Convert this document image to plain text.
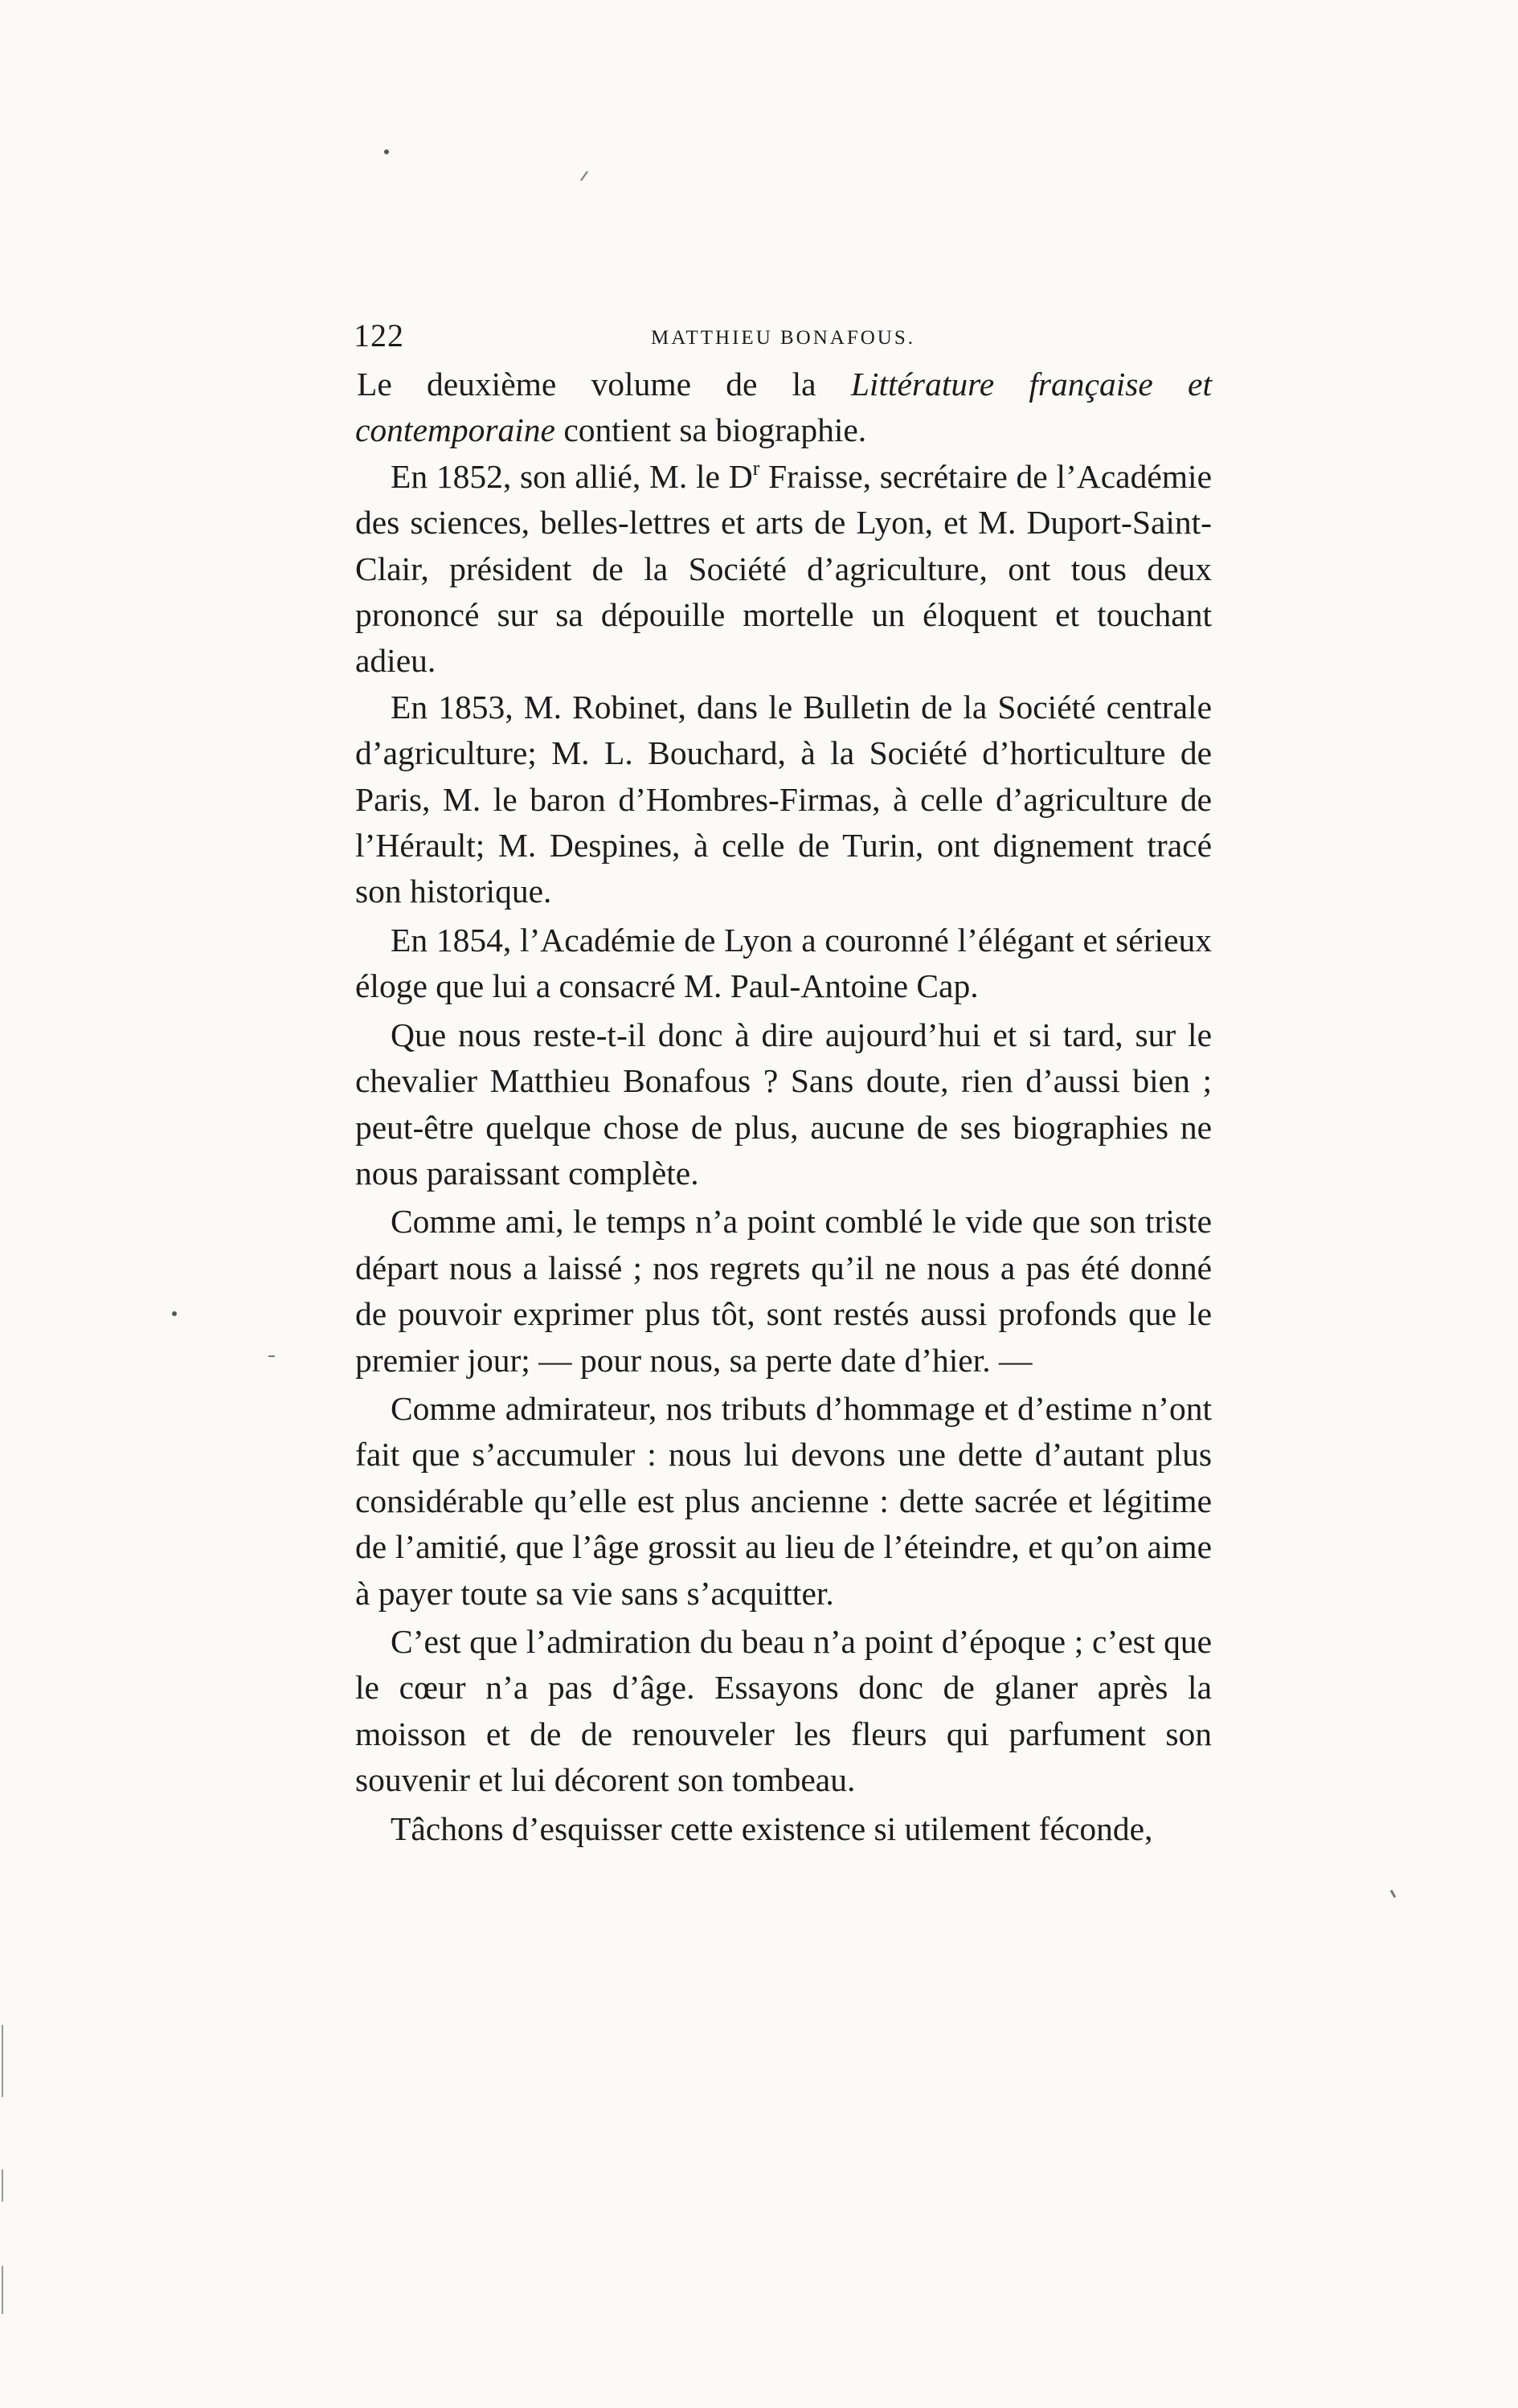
122	MATTHIEU BONAFOUS.

Le deuxième volume de la Littérature française et contemporaine contient sa biographie.

En 1852, son allié, M. le $D^r$ Fraisse, secrétaire de l’Académie des sciences, belles-lettres et arts de Lyon, et M. Duport-Saint-Clair, président de la Société d’agriculture, ont tous deux prononcé sur sa dépouille mortelle un éloquent et touchant adieu.

En 1853, M. Robinet, dans le Bulletin de la Société centrale d’agriculture; M. L. Bouchard, à la Société d’horticulture de Paris, M. le baron d’Hombres-Firmas, à celle d’agriculture de l’Hérault; M. Despines, à celle de Turin, ont dignement tracé son historique.

En 1854, l’Académie de Lyon a couronné l’élégant et sérieux éloge que lui a consacré M. Paul-Antoine Cap.

Que nous reste-t-il donc à dire aujourd’hui et si tard, sur le chevalier Matthieu Bonafous ? Sans doute, rien d’aussi bien ; peut-être quelque chose de plus, aucune de ses biographies ne nous paraissant complète.

Comme ami, le temps n’a point comblé le vide que son triste départ nous a laissé ; nos regrets qu’il ne nous a pas été donné de pouvoir exprimer plus tôt, sont restés aussi profonds que le premier jour; — pour nous, sa perte date d’hier. —

Comme admirateur, nos tributs d’hommage et d’estime n’ont fait que s’accumuler : nous lui devons une dette d’autant plus considérable qu’elle est plus ancienne : dette sacrée et légitime de l’amitié, que l’âge grossit au lieu de l’éteindre, et qu’on aime à payer toute sa vie sans s’acquitter.

C’est que l’admiration du beau n’a point d’époque ; c’est que le cœur n’a pas d’âge. Essayons donc de glaner après la moisson et de de renouveler les fleurs qui parfument son souvenir et lui décorent son tombeau.

Tâchons d’esquisser cette existence si utilement féconde,
